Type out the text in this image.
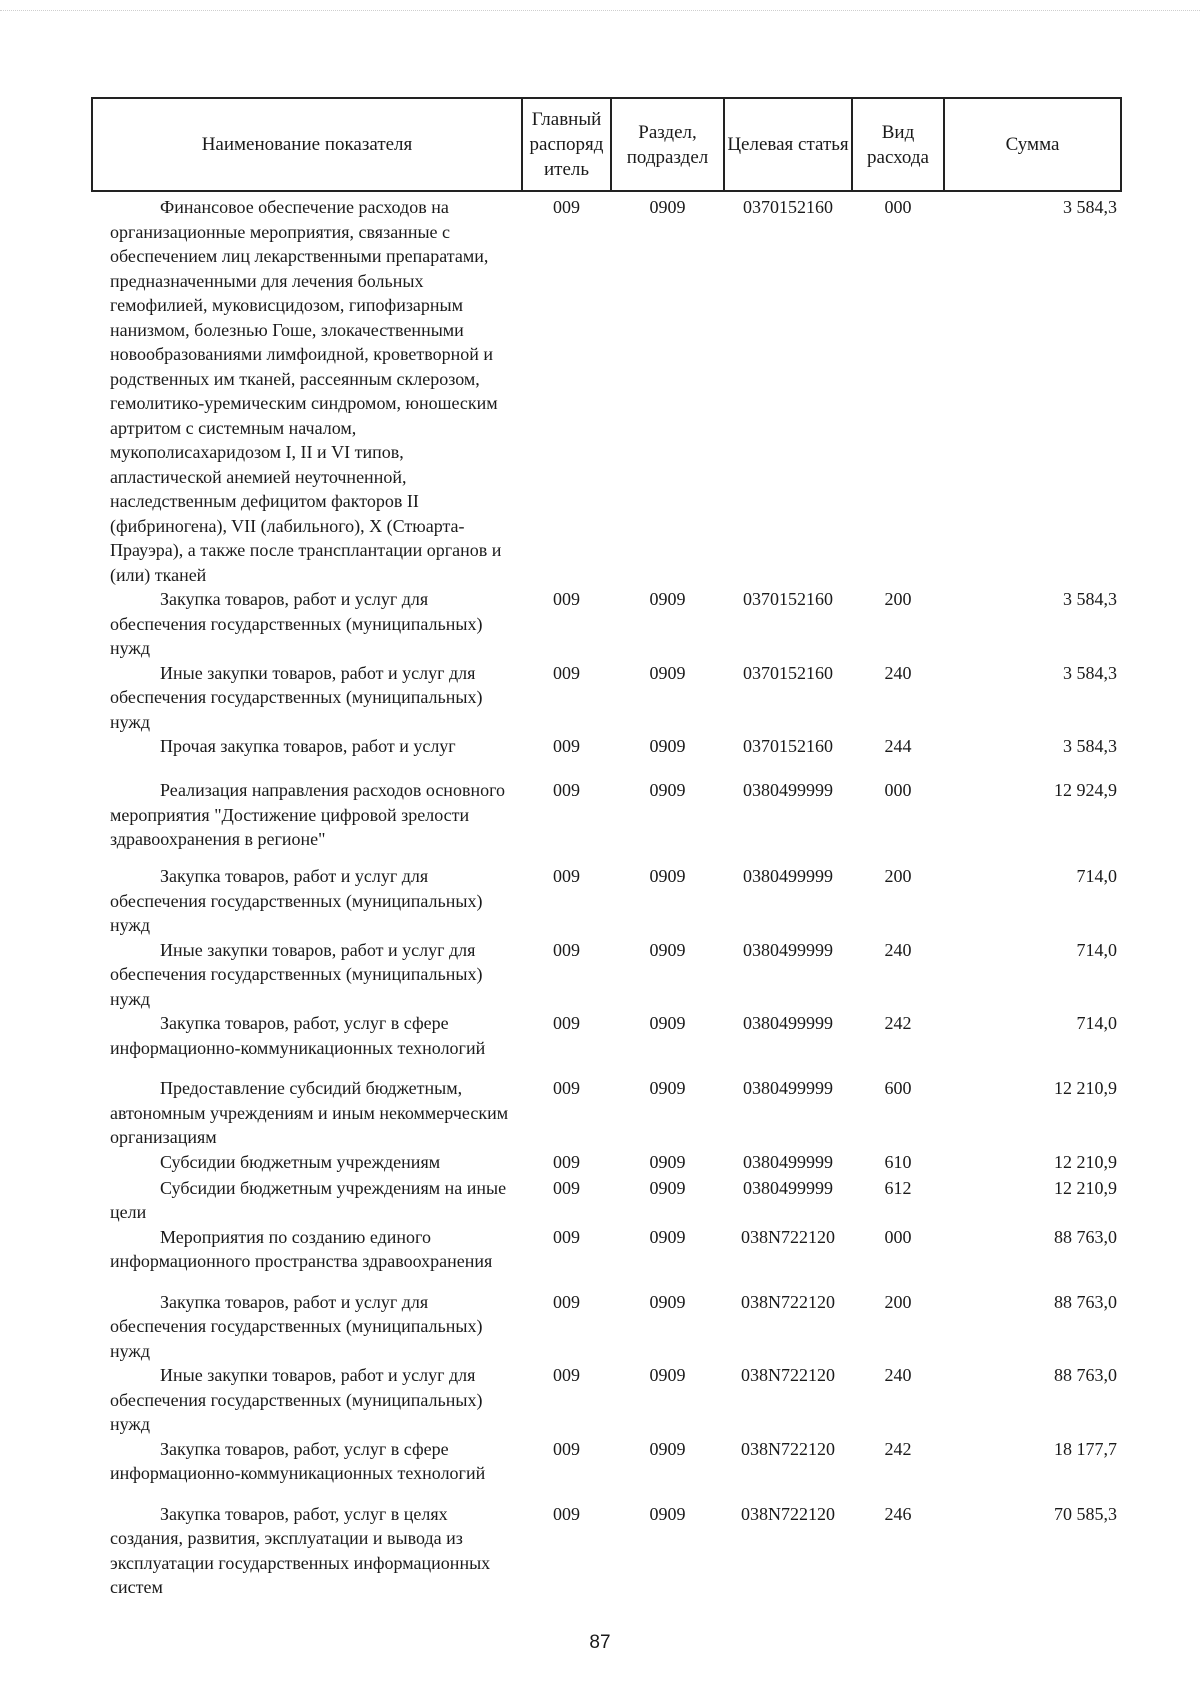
Наименование показателя	Главный распоряд итель	Раздел, подраздел	Целевая статья	Вид расхода	Сумма
Финансовое обеспечение расходов на организационные мероприятия, связанные с обеспечением лиц лекарственными препаратами, предназначенными для лечения больных гемофилией, муковисцидозом, гипофизарным нанизмом, болезнью Гоше, злокачественными новообразованиями лимфоидной, кроветворной и родственных им тканей, рассеянным склерозом, гемолитико-уремическим синдромом, юношеским артритом с системным началом, мукополисахаридозом I, II и VI типов, апластической анемией неуточненной, наследственным дефицитом факторов II (фибриногена), VII (лабильного), X (Стюарта-Прауэра), а также после трансплантации органов и (или) тканей	009	0909	0370152160	000	3 584,3
Закупка товаров, работ и услуг для обеспечения государственных (муниципальных) нужд	009	0909	0370152160	200	3 584,3
Иные закупки товаров, работ и услуг для обеспечения государственных (муниципальных) нужд	009	0909	0370152160	240	3 584,3
Прочая закупка товаров, работ и услуг	009	0909	0370152160	244	3 584,3
Реализация направления расходов основного мероприятия "Достижение цифровой зрелости здравоохранения в регионе"	009	0909	0380499999	000	12 924,9
Закупка товаров, работ и услуг для обеспечения государственных (муниципальных) нужд	009	0909	0380499999	200	714,0
Иные закупки товаров, работ и услуг для обеспечения государственных (муниципальных) нужд	009	0909	0380499999	240	714,0
Закупка товаров, работ, услуг в сфере информационно-коммуникационных технологий	009	0909	0380499999	242	714,0
Предоставление субсидий бюджетным, автономным учреждениям и иным некоммерческим организациям	009	0909	0380499999	600	12 210,9
Субсидии бюджетным учреждениям	009	0909	0380499999	610	12 210,9
Субсидии бюджетным учреждениям на иные цели	009	0909	0380499999	612	12 210,9
Мероприятия по созданию единого информационного пространства здравоохранения	009	0909	038N722120	000	88 763,0
Закупка товаров, работ и услуг для обеспечения государственных (муниципальных) нужд	009	0909	038N722120	200	88 763,0
Иные закупки товаров, работ и услуг для обеспечения государственных (муниципальных) нужд	009	0909	038N722120	240	88 763,0
Закупка товаров, работ, услуг в сфере информационно-коммуникационных технологий	009	0909	038N722120	242	18 177,7
Закупка товаров, работ, услуг в целях создания, развития, эксплуатации и вывода из эксплуатации государственных информационных систем	009	0909	038N722120	246	70 585,3
87
